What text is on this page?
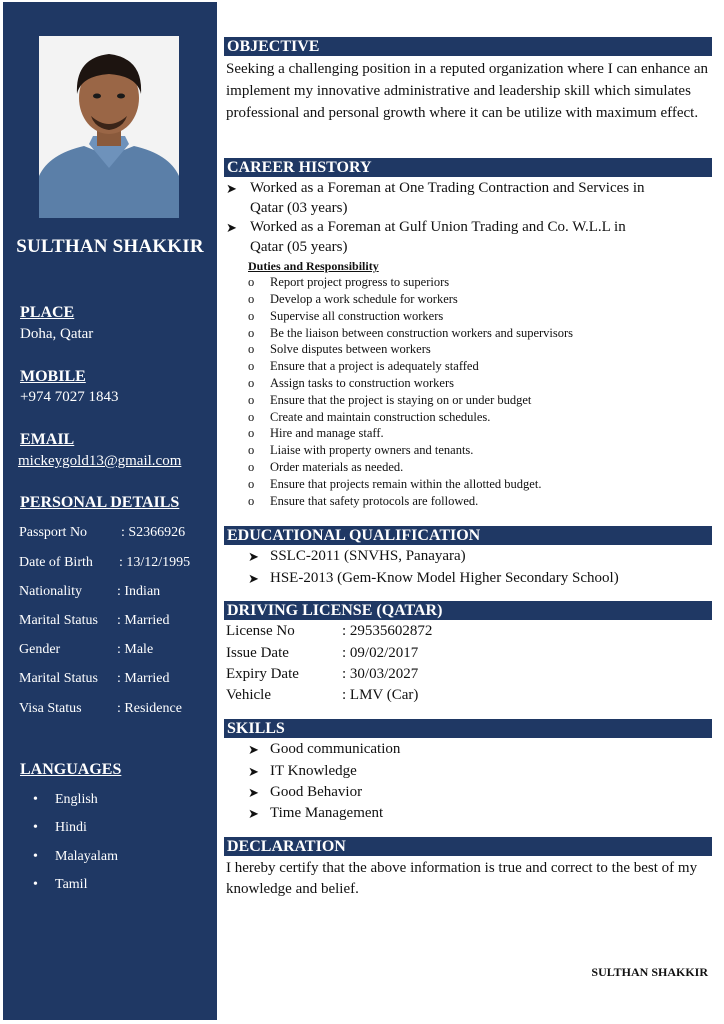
SULTHAN SHAKKIR
PLACE
Doha, Qatar
MOBILE
+974 7027 1843
EMAIL
mickeygold13@gmail.com
PERSONAL DETAILS
Passport No : S2366926
Date of Birth : 13/12/1995
Nationality	: Indian
Marital Status : Married
Gender	: Male
Marital Status : Married
Visa Status	: Residence
LANGUAGES
English
Hindi
Malayalam
Tamil
OBJECTIVE
Seeking a challenging position in a reputed organization where I can enhance an implement my innovative administrative and leadership skill which simulates professional and personal growth where it can be utilize with maximum effect.
CAREER HISTORY
➤ Worked as a Foreman at One Trading Contraction and Services in
Qatar (03 years)
➤ Worked as a Foreman at Gulf Union Trading and Co. W.L.L in
Qatar (05 years)
Duties and Responsibility
o Report project progress to superiors
o Develop a work schedule for workers
o Supervise all construction workers
o Be the liaison between construction workers and supervisors
o Solve disputes between workers
o Ensure that a project is adequately staffed
o Assign tasks to construction workers
o Ensure that the project is staying on or under budget
o Create and maintain construction schedules.
o Hire and manage staff.
o Liaise with property owners and tenants.
o Order materials as needed.
o Ensure that projects remain within the allotted budget.
o Ensure that safety protocols are followed.
EDUCATIONAL QUALIFICATION
➤ SSLC-2011 (SNVHS, Panayara)
➤ HSE-2013 (Gem-Know Model Higher Secondary School)
DRIVING LICENSE (QATAR)
License No	: 29535602872
Issue Date	: 09/02/2017
Expiry Date	: 30/03/2027
Vehicle	: LMV (Car)
SKILLS
➤ Good communication
➤ IT Knowledge
➤ Good Behavior
➤ Time Management
DECLARATION
I hereby certify that the above information is true and correct to the best of my knowledge and belief.
SULTHAN SHAKKIR
